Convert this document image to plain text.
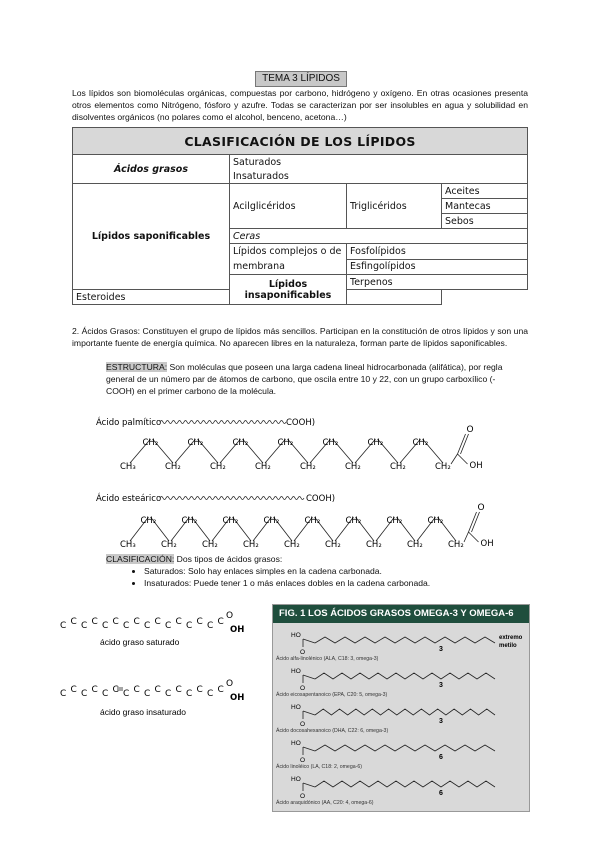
TEMA 3 LÍPIDOS
Los lípidos son biomoléculas orgánicas, compuestas por carbono, hidrógeno y oxígeno. En otras ocasiones presenta otros elementos como Nitrógeno, fósforo y azufre. Todas se caracterizan por ser insolubles en agua y solubilidad en disolventes orgánicos (no polares como el alcohol, benceno, acetona…)
CLASIFICACIÓN DE LOS LÍPIDOS			
Ácidos grasos	Saturados		
	Insaturados		
Lípidos saponificables	Acilglicéridos		Aceites
		Triglicéridos	Mantecas
			Sebos
	Ceras		
	Lípidos complejos o de membrana	Fosfolípidos	
		Esfingolípidos	
	Lípidos insaponificables	Terpenos	
Esteroides			
2. Ácidos Grasos: Constituyen el grupo de lípidos más sencillos. Participan en la constitución de otros lípidos y son una importante fuente de energía química. No aparecen libres en la naturaleza, forman parte de lípidos saponificables.
ESTRUCTURA: Son moléculas que poseen una larga cadena lineal hidrocarbonada (alifática), por regla general de un número par de átomos de carbono, que oscila entre 10 y 22, con un grupo carboxílico (-COOH) en el primer carbono de la molécula.
Ácido palmítico	COOH)
CH₃
CH₂
CH₂
CH₂
CH₂
CH₂
CH₂
CH₂
CH₂
CH₂
CH₂
CH₂
CH₂
CH₂
CH₂
O
OH
Ácido esteárico	COOH)
CH₃
CH₂
CH₂
CH₂
CH₂
CH₂
CH₂
CH₂
CH₂
CH₂
CH₂
CH₂
CH₂
CH₂
CH₂
CH₂
CH₂
O
OH
CLASIFICACIÓN: Dos tipos de ácidos grasos:
• Saturados: Solo hay enlaces simples en la cadena carbonada.
• Insaturados: Puede tener 1 o más enlaces dobles en la cadena carbonada.
C C C C C C C C C C C C C C C C
O
OH
ácido graso saturado
C C C C C C C C C C C C C C C C
O
OH
ácido graso insaturado
FIG. 1 LOS ÁCIDOS GRASOS OMEGA-3 Y OMEGA-6
HO
O	3
Ácido alfa-linolénico (ALA, C18: 3, omega-3)
extremo
metilo
HO
O	3
Ácido eicosapentanoico (EPA, C20: 5, omega-3)
HO
O	3
Ácido docosahexanoico (DHA, C22: 6, omega-3)
HO
O	6
Ácido linoléico (LA, C18: 2, omega-6)
HO
O	6
Ácido araquidónico (AA, C20: 4, omega-6)
